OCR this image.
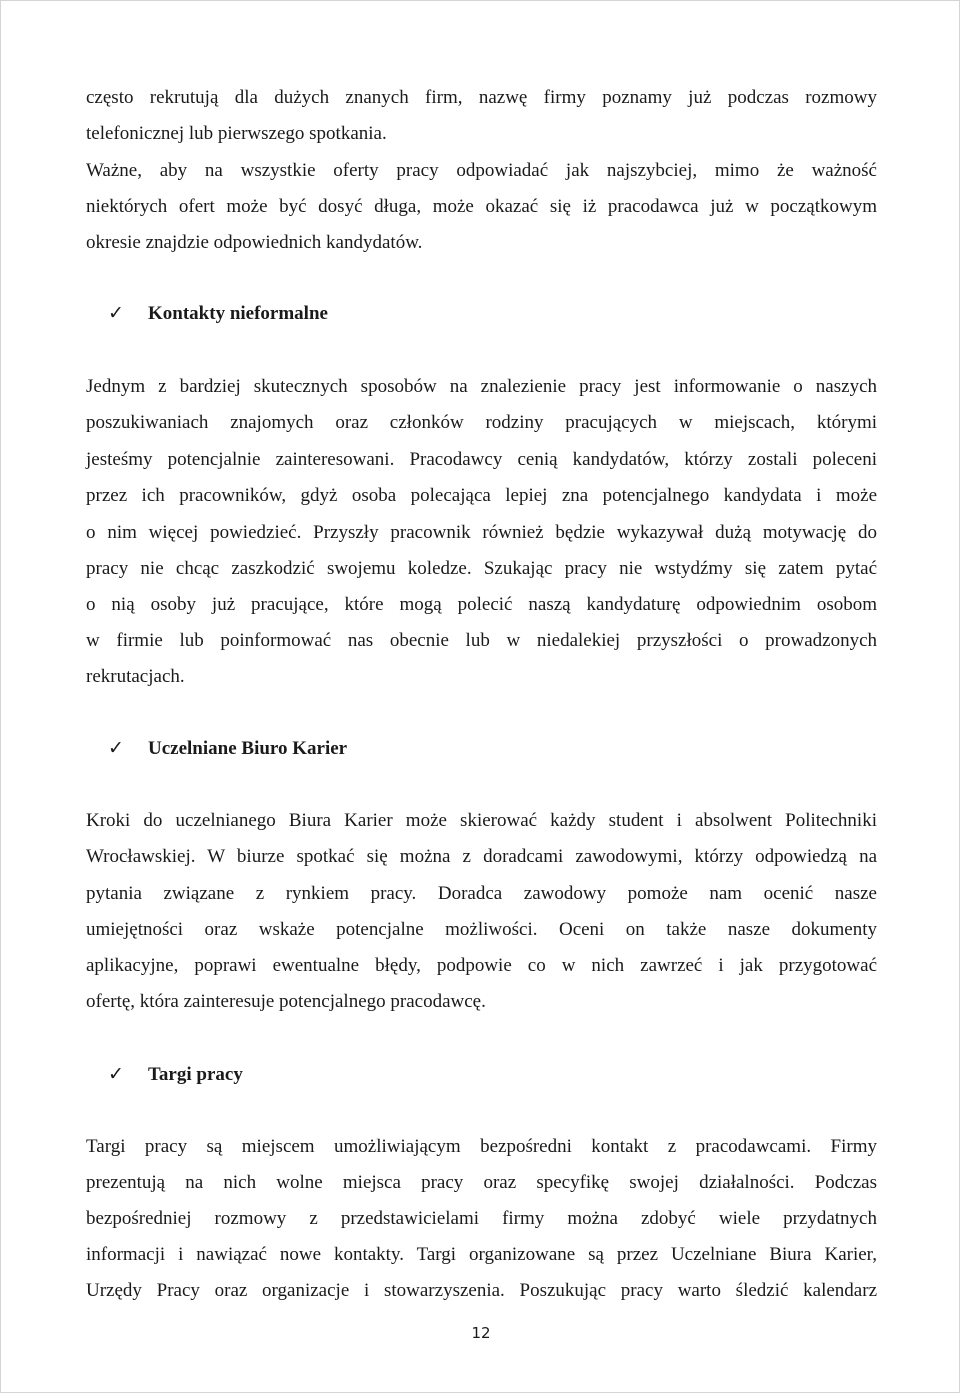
często rekrutują dla dużych znanych firm, nazwę firmy poznamy już podczas rozmowy
telefonicznej lub pierwszego spotkania.
Ważne, aby na wszystkie oferty pracy odpowiadać jak najszybciej, mimo że ważność
niektórych ofert może być dosyć długa, może okazać się iż pracodawca już w początkowym
okresie znajdzie odpowiednich kandydatów.
✓ Kontakty nieformalne
Jednym z bardziej skutecznych sposobów na znalezienie pracy jest informowanie o naszych
poszukiwaniach znajomych oraz członków rodziny pracujących w miejscach, którymi
jesteśmy potencjalnie zainteresowani. Pracodawcy cenią kandydatów, którzy zostali poleceni
przez ich pracowników, gdyż osoba polecająca lepiej zna potencjalnego kandydata i może
o nim więcej powiedzieć. Przyszły pracownik również będzie wykazywał dużą motywację do
pracy nie chcąc zaszkodzić swojemu koledze. Szukając pracy nie wstydźmy się zatem pytać
o nią osoby już pracujące, które mogą polecić naszą kandydaturę odpowiednim osobom
w firmie lub poinformować nas obecnie lub w niedalekiej przyszłości o prowadzonych
rekrutacjach.
✓ Uczelniane Biuro Karier
Kroki do uczelnianego Biura Karier może skierować każdy student i absolwent Politechniki
Wrocławskiej. W biurze spotkać się można z doradcami zawodowymi, którzy odpowiedzą na
pytania związane z rynkiem pracy. Doradca zawodowy pomoże nam ocenić nasze
umiejętności oraz wskaże potencjalne możliwości. Oceni on także nasze dokumenty
aplikacyjne, poprawi ewentualne błędy, podpowie co w nich zawrzeć i jak przygotować
ofertę, która zainteresuje potencjalnego pracodawcę.
✓ Targi pracy
Targi pracy są miejscem umożliwiającym bezpośredni kontakt z pracodawcami. Firmy
prezentują na nich wolne miejsca pracy oraz specyfikę swojej działalności. Podczas
bezpośredniej rozmowy z przedstawicielami firmy można zdobyć wiele przydatnych
informacji i nawiązać nowe kontakty. Targi organizowane są przez Uczelniane Biura Karier,
Urzędy Pracy oraz organizacje i stowarzyszenia. Poszukując pracy warto śledzić kalendarz
12
